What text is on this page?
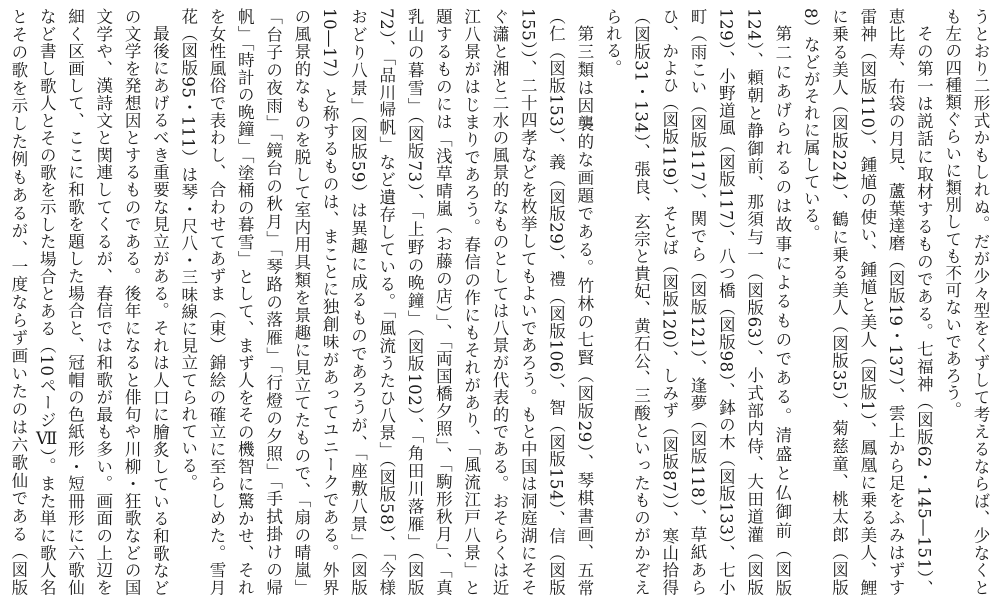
うとおり二形式かもしれぬ。だが少々型をくずして考えるならば、少なくとも左の四種類ぐらいに類別しても不可ないであろう。

その第一は説話に取材するものである。七福神（図版62・145―151）、恵比寿、布袋の月見、蘆葉達磨（図版19・137）、雲上から足をふみはずす雷神（図版110）、鍾馗の使い、鍾馗と美人（図版1）、鳳凰に乗る美人、鯉に乗る美人（図版224）、鶴に乗る美人（図版35）、菊慈童、桃太郎（図版8）などがそれに属している。

第二にあげられるのは故事によるものである。清盛と仏御前（図版124）、頼朝と静御前、那須与一（図版63）、小式部内侍、大田道灌（図版129）、小野道風（図版117）、八つ橋（図版98）、鉢の木（図版133）、七小町（雨こい（図版117）、関でら（図版121）、逢夢（図版118）、草紙あらひ、かよひ（図版119）、そとば（図版120）、しみず（図版87））、寒山拾得（図版31・134）、張良、玄宗と貴妃、黄石公、三酸といったものがかぞえられる。

第三類は因襲的な画題である。竹林の七賢（図版29）、琴棋書画、五常（仁（図版153）、義（図版29）、禮（図版106）、智（図版154）、信（図版155））、二十四孝などを枚挙してもよいであろう。もと中国は洞庭湖にそそぐ瀟と湘と二水の風景的なものとしては八景が代表的である。おそらくは近江八景がはじまりであろう。春信の作にもそれがあり、「風流江戸八景」と題するものには「浅草晴嵐（お藤の店）」、「両国橋夕照」、「駒形秋月」、「真乳山の暮雪」（図版73）、「上野の晩鐘」（図版102）、「角田川落雁」（図版72）、「品川帰帆」など遺存している。「風流うたひ八景」（図版58）、「今様おどり八景」（図版59）は異趣に成るものであろうが、「座敷八景」（図版10―17）と称するものは、まことに独創味があってユニークである。外界の風景的なものを脱して室内用具類を景趣に見立てたもので、「扇の晴嵐」「台子の夜雨」「鏡台の秋月」「琴路の落雁」「行燈の夕照」「手拭掛けの帰帆」「時計の晩鐘」「塗桶の暮雪」として、まず人をその機智に驚かせ、それを女性風俗で表わし、合わせてあずま（東）錦絵の確立に至らしめた。雪月花（図版95・111）は琴・尺八・三味線に見立てられている。

最後にあげるべき重要な見立がある。それは人口に膾炙している和歌などの文学を発想因とするものである。後年になると俳句や川柳・狂歌などの国文学や、漢詩文と関連してくるが、春信では和歌が最も多い。画面の上辺を細く区画して、ここに和歌を題した場合と、冠帽の色紙形・短冊形に六歌仙など書し歌人とその歌を示した場合とある（10ページⅦ）。また単に歌人名とその歌を示した例もあるが、一度ならず画いたのは六歌仙である（図版　
